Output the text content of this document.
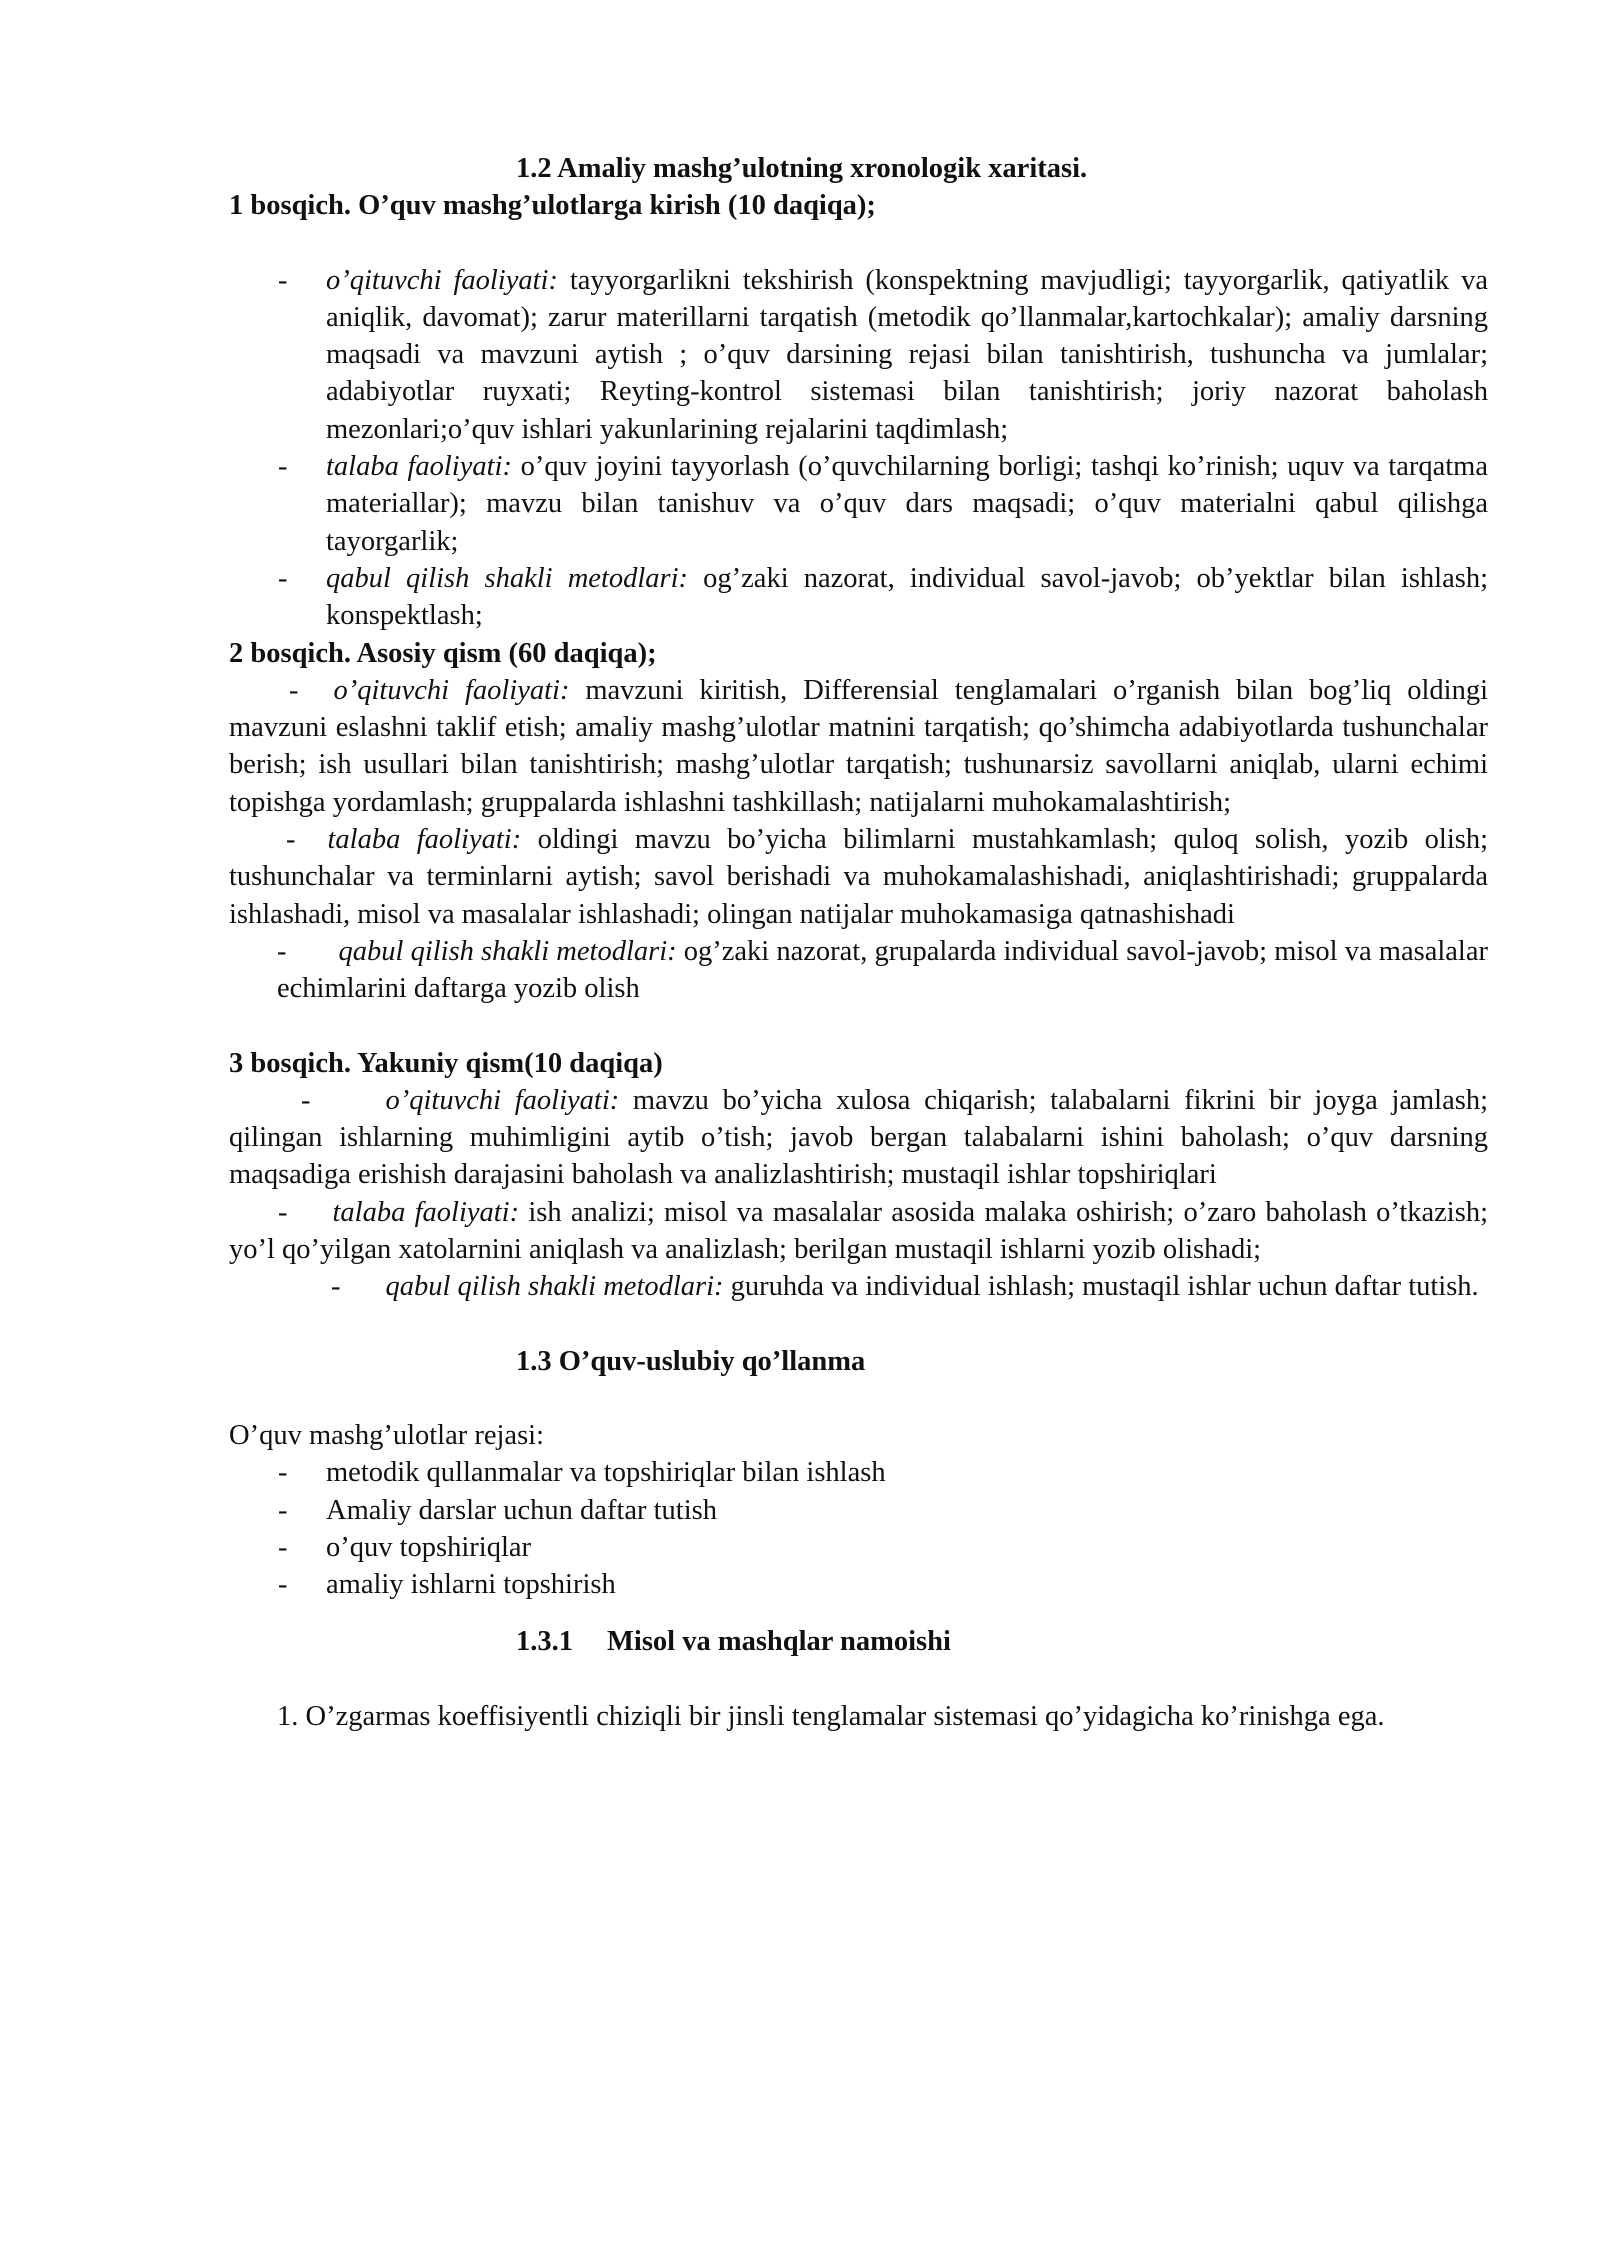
1.2 Amaliy mashg’ulotning xronologik xaritasi.

1 bosqich. O’quv mashg’ulotlarga kirish (10 daqiqa);

-	o’qituvchi faoliyati: tayyorgarlikni tekshirish (konspektning mavjudligi; tayyorgarlik, qatiyatlik va aniqlik, davomat); zarur materillarni tarqatish (metodik qo’llanmalar,kartochkalar); amaliy darsning maqsadi va mavzuni aytish ; o’quv darsining rejasi bilan tanishtirish, tushuncha va jumlalar; adabiyotlar ruyxati; Reyting-kontrol sistemasi bilan tanishtirish; joriy nazorat baholash mezonlari;o’quv ishlari yakunlarining rejalarini taqdimlash;
-	talaba faoliyati: o’quv joyini tayyorlash (o’quvchilarning borligi; tashqi ko’rinish; uquv va tarqatma materiallar); mavzu bilan tanishuv va o’quv dars maqsadi; o’quv materialni qabul qilishga tayorgarlik;
-	qabul qilish shakli metodlari: og’zaki nazorat, individual savol-javob; ob’yektlar bilan ishlash; konspektlash;

2 bosqich. Asosiy qism (60 daqiqa);

- o’qituvchi faoliyati: mavzuni kiritish, Differensial tenglamalari o’rganish bilan bog’liq oldingi mavzuni eslashni taklif etish; amaliy mashg’ulotlar matnini tarqatish; qo’shimcha adabiyotlarda tushunchalar berish; ish usullari bilan tanishtirish; mashg’ulotlar tarqatish; tushunarsiz savollarni aniqlab, ularni echimi topishga yordamlash; gruppalarda ishlashni tashkillash; natijalarni muhokamalashtirish;

- talaba faoliyati: oldingi mavzu bo’yicha bilimlarni mustahkamlash; quloq solish, yozib olish; tushunchalar va terminlarni aytish; savol berishadi va muhokamalashishadi, aniqlashtirishadi; gruppalarda ishlashadi, misol va masalalar ishlashadi; olingan natijalar muhokamasiga qatnashishadi

- qabul qilish shakli metodlari: og’zaki nazorat, grupalarda individual savol-javob; misol va masalalar echimlarini daftarga yozib olish

3 bosqich. Yakuniy qism(10 daqiqa)

-	o’qituvchi faoliyati: mavzu bo’yicha xulosa chiqarish; talabalarni fikrini bir joyga jamlash; qilingan ishlarning muhimligini aytib o’tish; javob bergan talabalarni ishini baholash; o’quv darsning maqsadiga erishish darajasini baholash va analizlashtirish; mustaqil ishlar topshiriqlari

- talaba faoliyati: ish analizi; misol va masalalar asosida malaka oshirish; o’zaro baholash o’tkazish; yo’l qo’yilgan xatolarnini aniqlash va analizlash; berilgan mustaqil ishlarni yozib olishadi;

- qabul qilish shakli metodlari: guruhda va individual ishlash; mustaqil ishlar uchun daftar tutish.

1.3 O’quv-uslubiy qo’llanma

O’quv mashg’ulotlar rejasi:

-	metodik qullanmalar va topshiriqlar bilan ishlash
-	Amaliy darslar uchun daftar tutish
-	o’quv topshiriqlar
-	amaliy ishlarni topshirish

1.3.1 Misol va mashqlar namoishi

1. O’zgarmas koeffisiyentli chiziqli bir jinsli tenglamalar sistemasi qo’yidagicha ko’rinishga ega.
